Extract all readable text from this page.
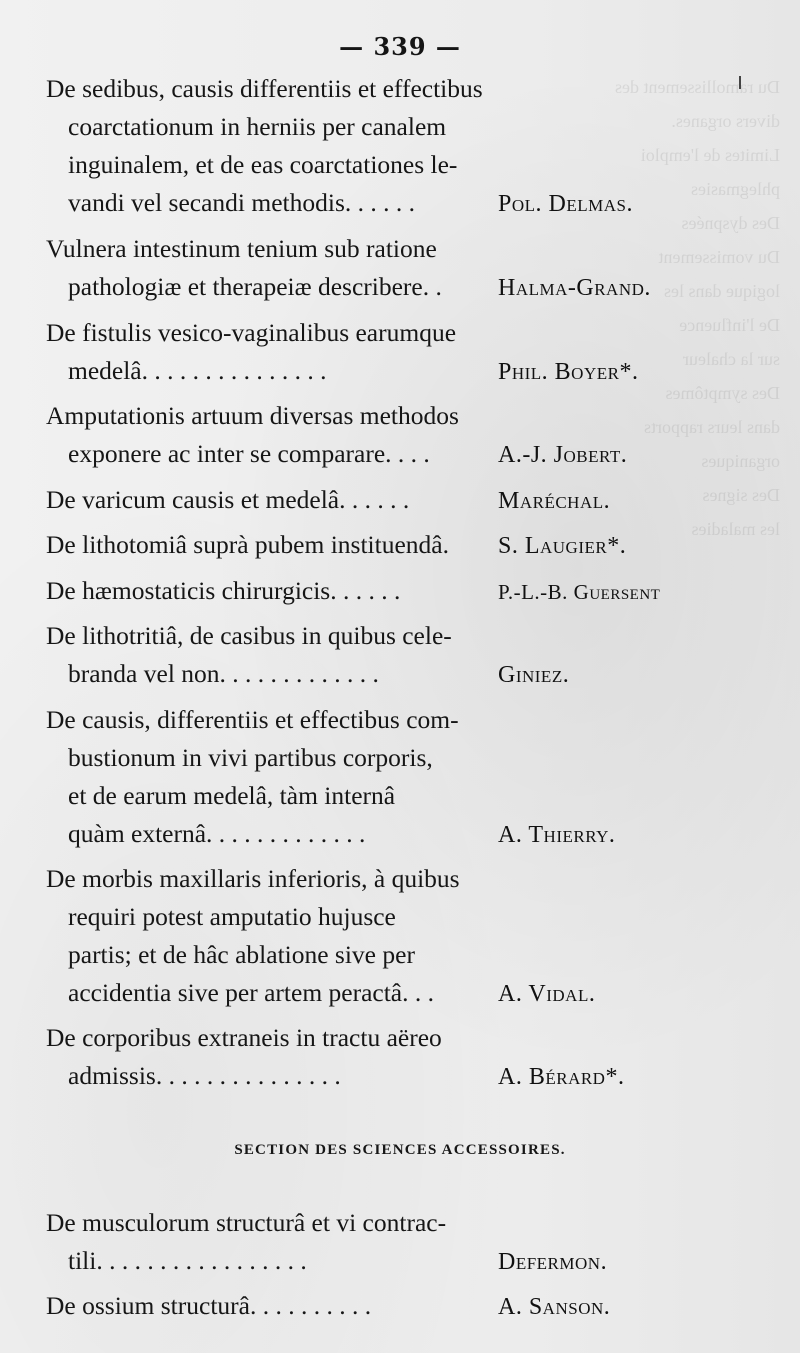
Du ramollissement des
divers organes.
Limites de l'emploi
phlegmasies
Des dyspnées
Du vomissement
logique dans les
De l'influence
sur la chaleur
Des symptômes
dans leurs rapports
organiques
Des signes
les maladies
— 339 —
De sedibus, causis differentiis et effectibus
coarctationum in herniis per canalem
inguinalem, et de eas coarctationes le-
vandi vel secandi methodis. . . . . .	Pol. Delmas.
Vulnera intestinum tenium sub ratione
pathologiæ et therapeiæ describere. . Halma-Grand.
De fistulis vesico-vaginalibus earumque
medelâ. . . . . . . . . . . . . . .	Phil. Boyer*.
Amputationis artuum diversas methodos
exponere ac inter se comparare. . . .	A.-J. Jobert.
De varicum causis et medelâ. . . . . .	Maréchal.
De lithotomiâ suprà pubem instituendâ. S. Laugier*.
De hæmostaticis chirurgicis. . . . . .	P.-L.-B. Guersent
De lithotritiâ, de casibus in quibus cele-
branda vel non. . . . . . . . . . . . .	Giniez.
De causis, differentiis et effectibus com-
bustionum in vivi partibus corporis,
et de earum medelâ, tàm internâ
quàm externâ. . . . . . . . . . . . .	A. Thierry.
De morbis maxillaris inferioris, à quibus
requiri potest amputatio hujusce
partis; et de hâc ablatione sive per
accidentia sive per artem peractâ. . .	A. Vidal.
De corporibus extraneis in tractu aëreo
admissis. . . . . . . . . . . . . . .	A. Bérard*.
SECTION DES SCIENCES ACCESSOIRES.
De musculorum structurâ et vi contrac-
tili. . . . . . . . . . . . . . . . .	Defermon.
De ossium structurâ. . . . . . . . . .	A. Sanson.
